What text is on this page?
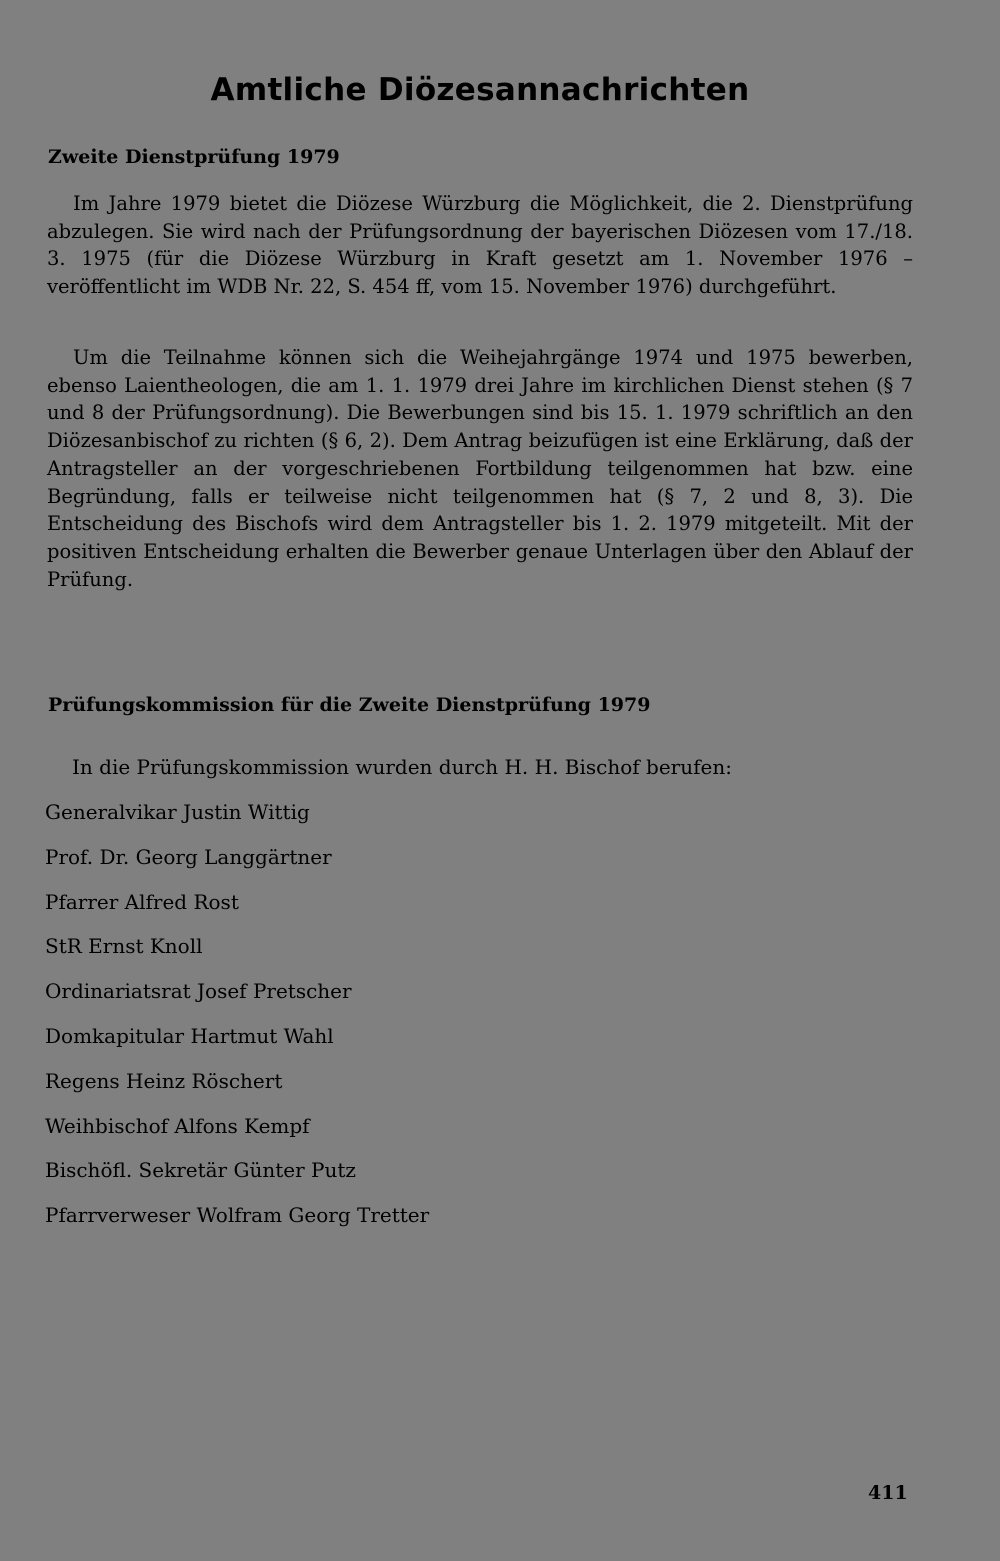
Amtliche Diözesannachrichten
Zweite Dienstprüfung 1979

Im Jahre 1979 bietet die Diözese Würzburg die Möglichkeit, die 2. Dienstprüfung abzulegen. Sie wird nach der Prüfungsordnung der bayerischen Diözesen vom 17./18. 3. 1975 (für die Diözese Würzburg in Kraft gesetzt am 1. November 1976 – veröffentlicht im WDB Nr. 22, S. 454 ff, vom 15. November 1976) durchgeführt.

Um die Teilnahme können sich die Weihejahrgänge 1974 und 1975 bewerben, ebenso Laientheologen, die am 1. 1. 1979 drei Jahre im kirchlichen Dienst stehen (§ 7 und 8 der Prüfungsordnung). Die Bewerbungen sind bis 15. 1. 1979 schriftlich an den Diözesanbischof zu richten (§ 6, 2). Dem Antrag beizufügen ist eine Erklärung, daß der Antragsteller an der vorgeschriebenen Fortbildung teilgenommen hat bzw. eine Begründung, falls er teilweise nicht teilgenommen hat (§ 7, 2 und 8, 3). Die Entscheidung des Bischofs wird dem Antragsteller bis 1. 2. 1979 mitgeteilt. Mit der positiven Entscheidung erhalten die Bewerber genaue Unterlagen über den Ablauf der Prüfung.

Prüfungskommission für die Zweite Dienstprüfung 1979
In die Prüfungskommission wurden durch H. H. Bischof berufen:
Generalvikar Justin Wittig
Prof. Dr. Georg Langgärtner
Pfarrer Alfred Rost
StR Ernst Knoll
Ordinariatsrat Josef Pretscher
Domkapitular Hartmut Wahl
Regens Heinz Röschert
Weihbischof Alfons Kempf
Bischöfl. Sekretär Günter Putz
Pfarrverweser Wolfram Georg Tretter
411
